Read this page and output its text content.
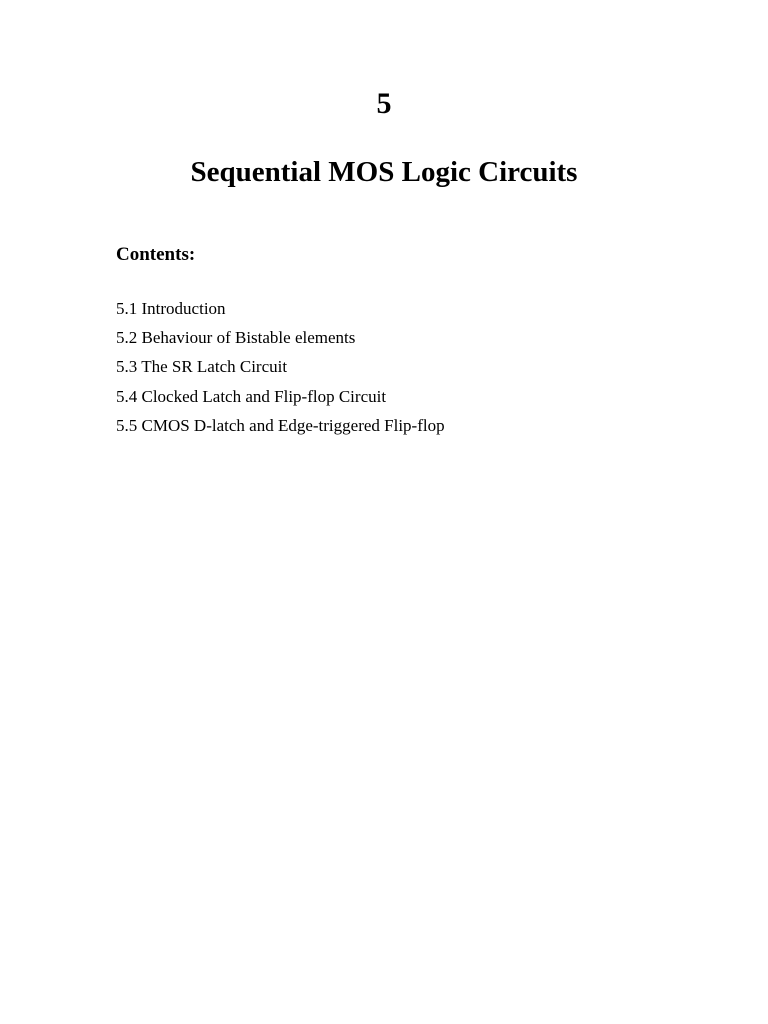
5
Sequential MOS Logic Circuits
Contents:
5.1 Introduction
5.2 Behaviour of Bistable elements
5.3 The SR Latch Circuit
5.4 Clocked Latch and Flip-flop Circuit
5.5 CMOS D-latch and Edge-triggered Flip-flop
